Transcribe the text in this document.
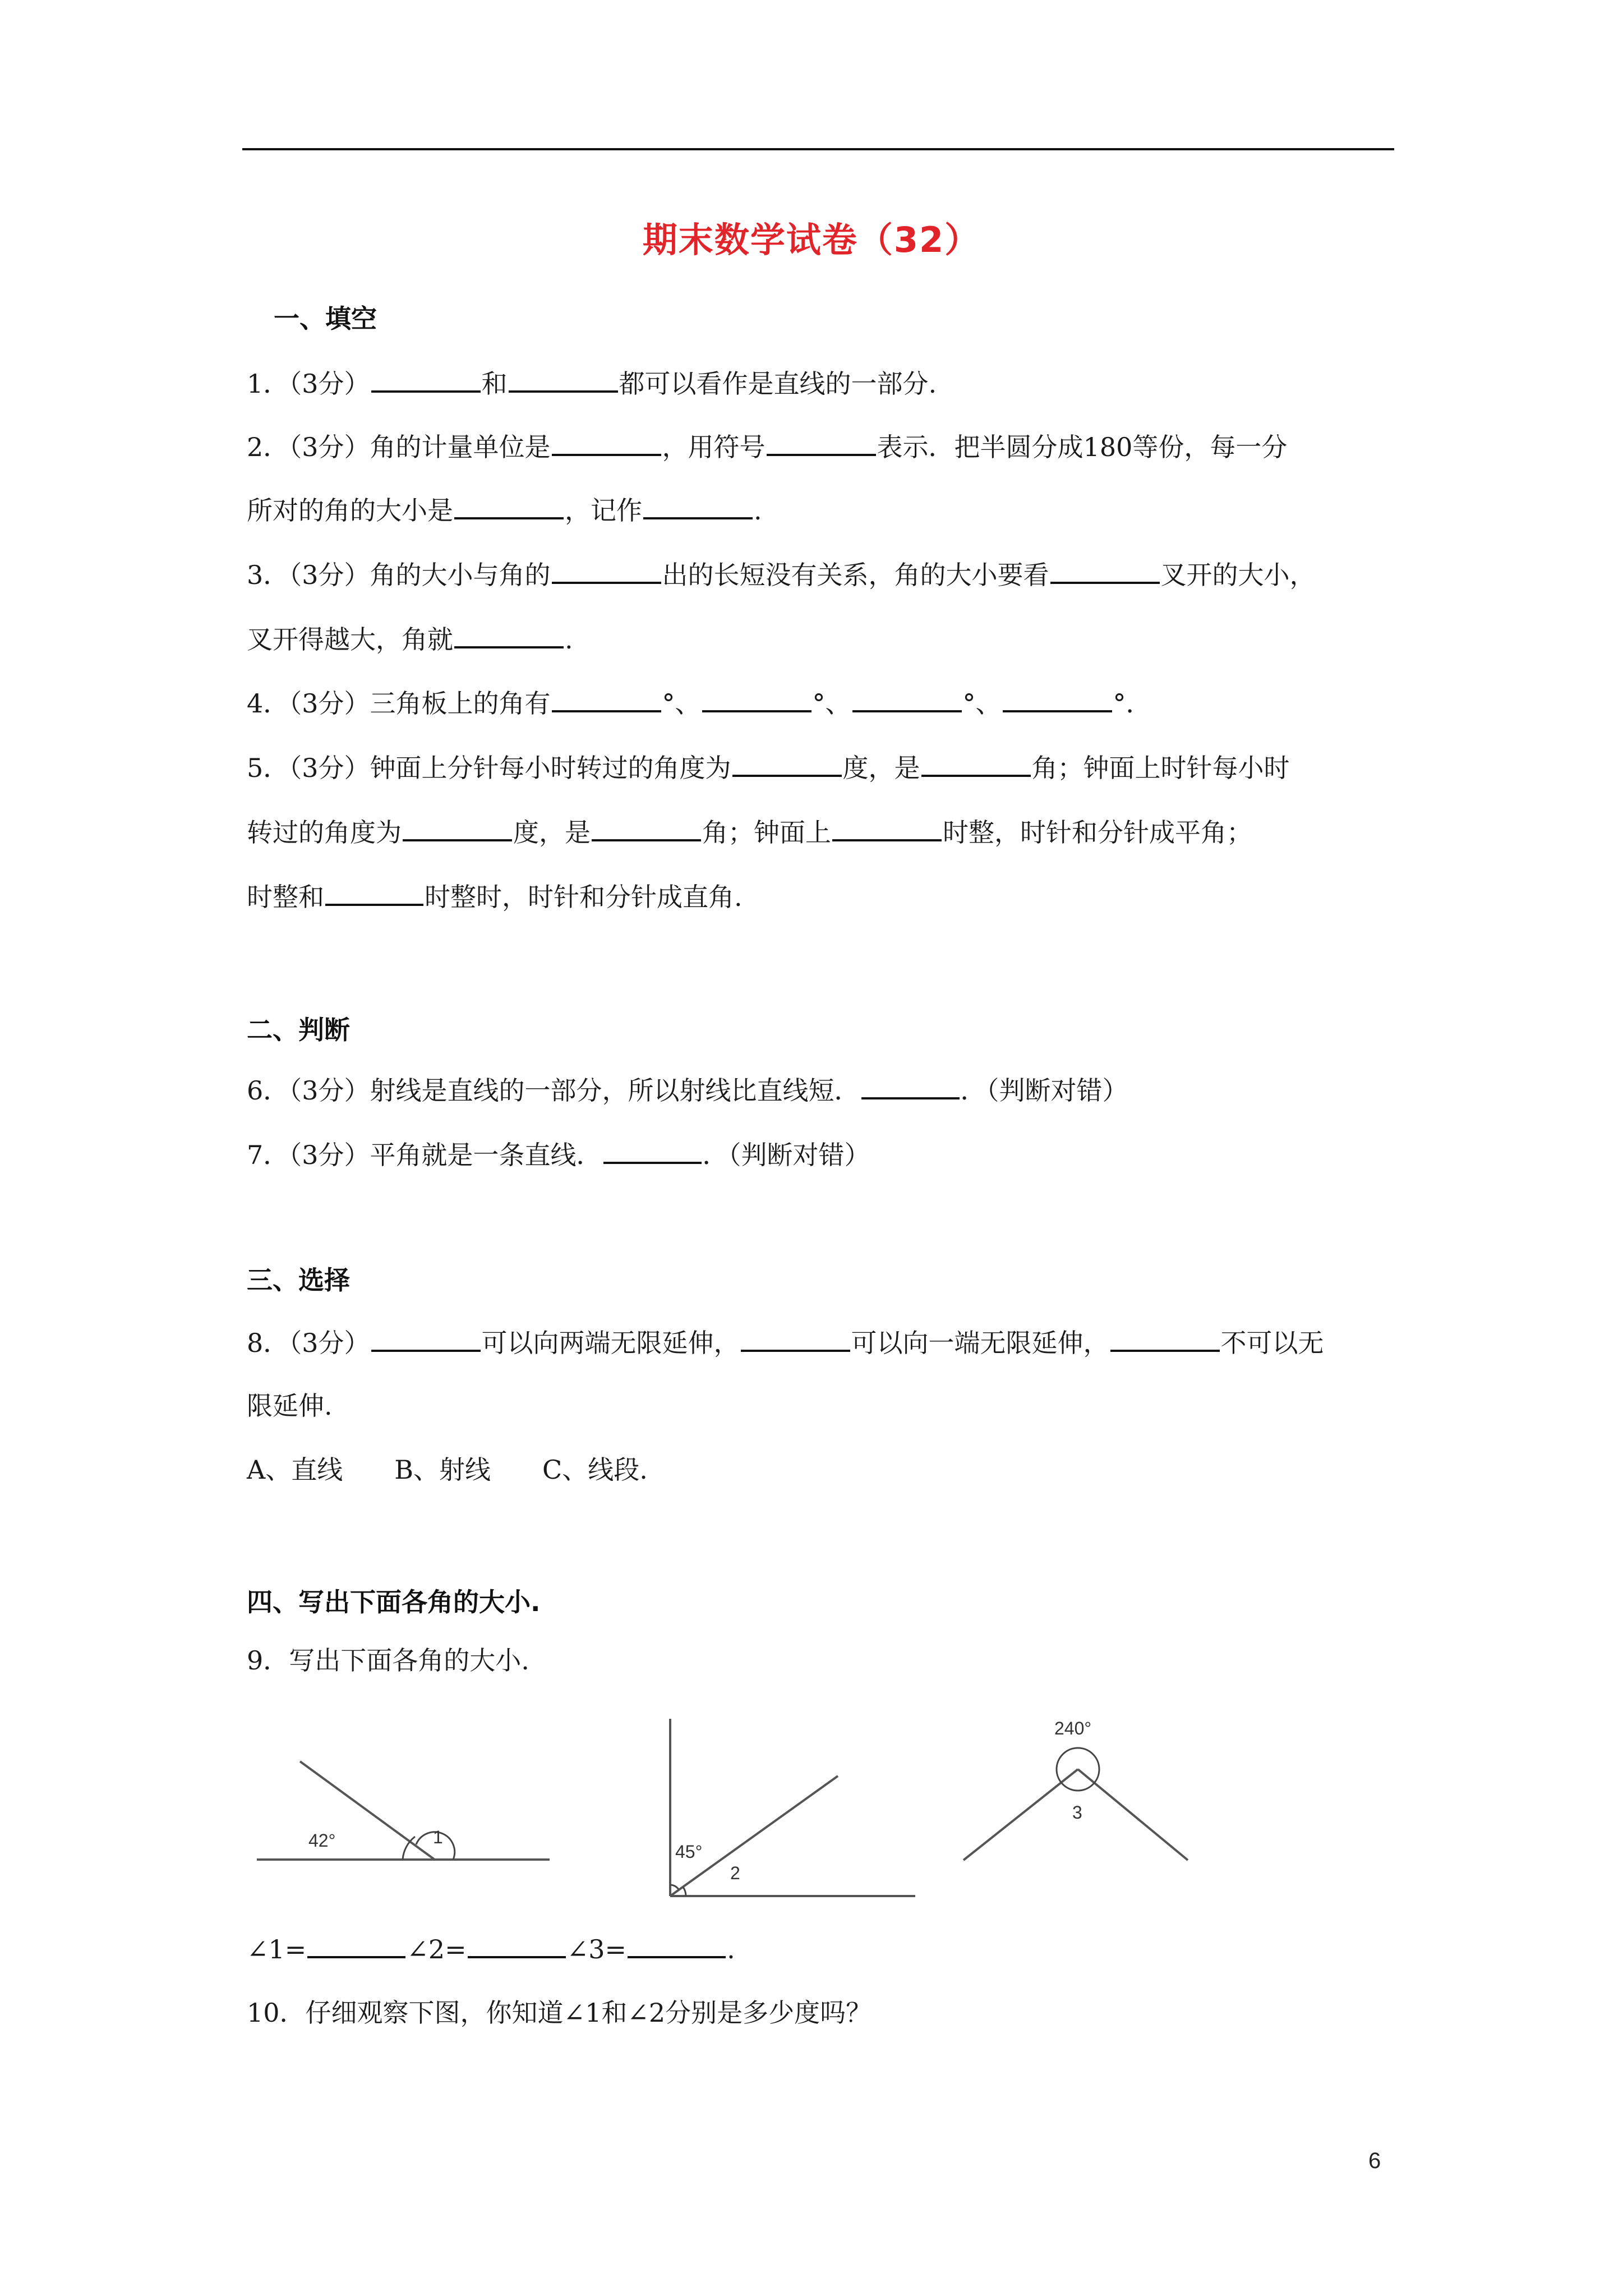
期末数学试卷（32）
一、填空
1．（3分）	和	都可以看作是直线的一部分.
2．（3分）角的计量单位是	，用符号	表示．把半圆分成180等份，每一分
所对的角的大小是	，记作	.
3．（3分）角的大小与角的	出的长短没有关系，角的大小要看	叉开的大小，
叉开得越大，角就	.
4．（3分）三角板上的角有	°、	°、	°、	°．
5．（3分）钟面上分针每小时转过的角度为	度，是	角；钟面上时针每小时
转过的角度为	度，是	角；钟面上	时整，时针和分针成平角；
时整和	时整时，时针和分针成直角.
二、判断
6．（3分）射线是直线的一部分，所以射线比直线短．	．（判断对错）
7．（3分）平角就是一条直线．	．（判断对错）
三、选择
8．（3分）	可以向两端无限延伸，	可以向一端无限延伸，	不可以无
限延伸.
A、直线　　B、射线　　C、线段.
四、写出下面各角的大小.
9．写出下面各角的大小.
42°	1
45°
2
240°
3
∠1=	∠2=	∠3=	.
10．仔细观察下图，你知道∠1和∠2分别是多少度吗？
6
